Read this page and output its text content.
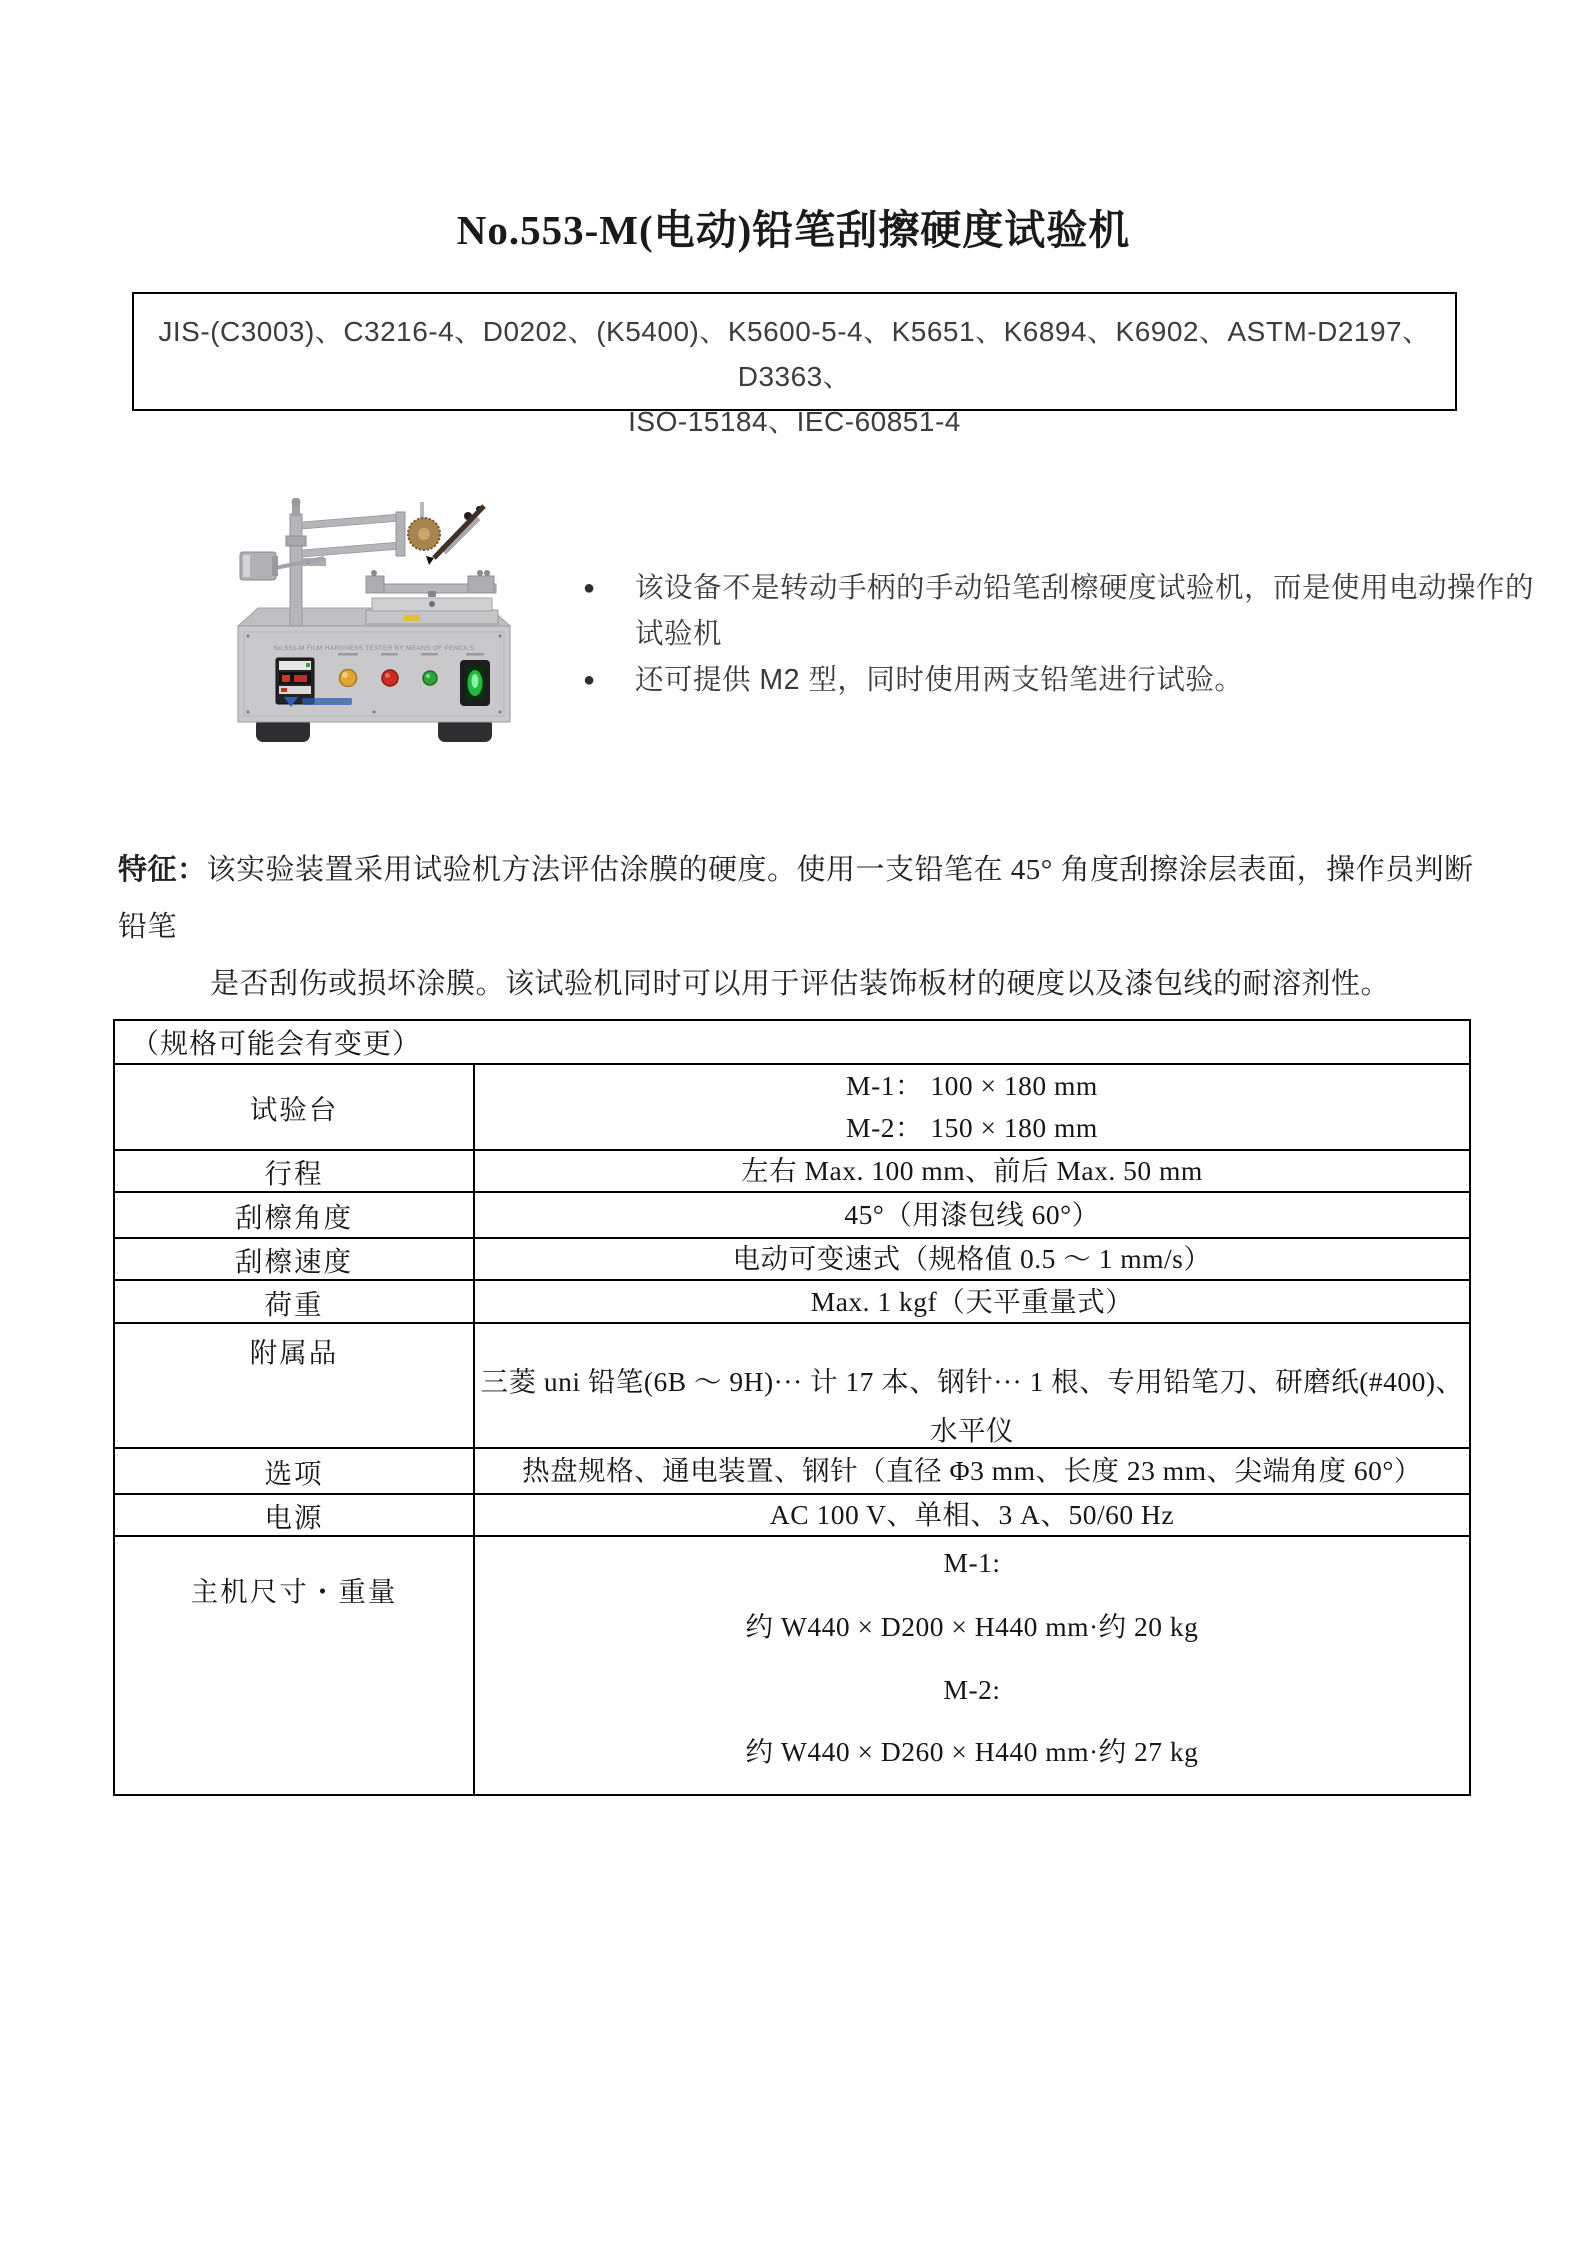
No.553-M(电动)铅笔刮擦硬度试验机
JIS-(C3003)、C3216-4、D0202、(K5400)、K5600-5-4、K5651、K6894、K6902、ASTM-D2197、D3363、
ISO-15184、IEC-60851-4
No.553-M FILM HARDNESS TESTER BY MEANS OF PENCILS
●	该设备不是转动手柄的手动铅笔刮檫硬度试验机，而是使用电动操作的
试验机
●	还可提供 M2 型，同时使用两支铅笔进行试验。
特征：该实验装置采用试验机方法评估涂膜的硬度。使用一支铅笔在 45° 角度刮擦涂层表面，操作员判断铅笔
是否刮伤或损坏涂膜。该试验机同时可以用于评估装饰板材的硬度以及漆包线的耐溶剂性。
（规格可能会有变更）	
试验台	M-1： 100 × 180 mm
M-2： 150 × 180 mm

行程	左右 Max. 100 mm、前后 Max. 50 mm

刮檫角度	45°（用漆包线 60°）

刮檫速度	电动可变速式（规格值 0.5 ～ 1 mm/s）

荷重	Max. 1 kgf（天平重量式）

附属品	三菱 uni 铅笔(6B ～ 9H)··· 计 17 本、钢针··· 1 根、专用铅笔刀、研磨纸(#400)、
水平仪

选项	热盘规格、通电装置、钢针（直径 Φ3 mm、长度 23 mm、尖端角度 60°）

电源	AC 100 V、单相、3 A、50/60 Hz

主机尺寸・重量	M-1:
约 W440 × D200 × H440 mm·约 20 kg
M-2:
约 W440 × D260 × H440 mm·约 27 kg
